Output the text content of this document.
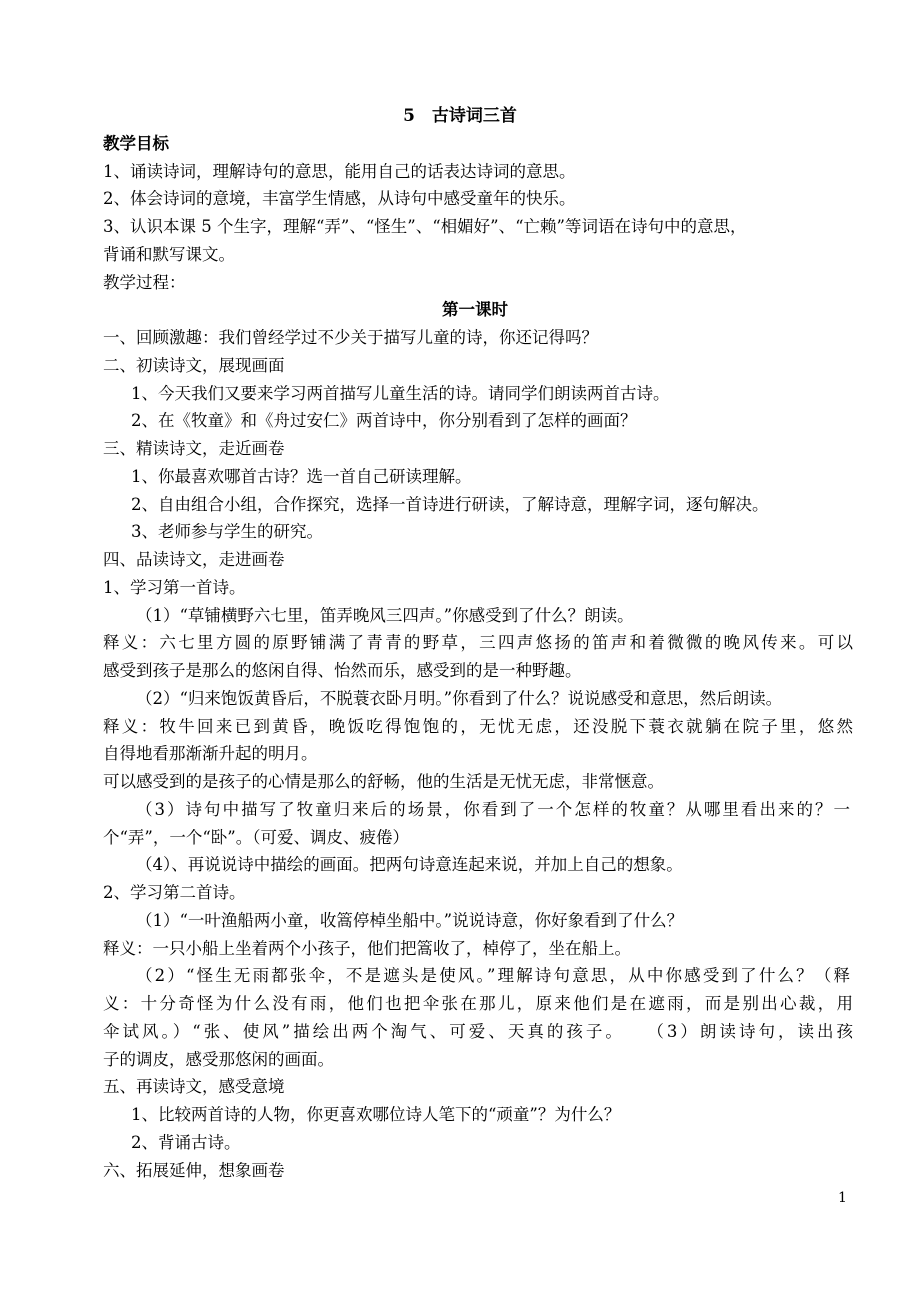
5　古诗词三首
教学目标
1、诵读诗词，理解诗句的意思，能用自己的话表达诗词的意思。
2、体会诗词的意境，丰富学生情感，从诗句中感受童年的快乐。
3、认识本课 5 个生字，理解“弄”、“怪生”、“相媚好”、“亡赖”等词语在诗句中的意思，
背诵和默写课文。
教学过程：
第一课时
一、回顾激趣：我们曾经学过不少关于描写儿童的诗，你还记得吗？
二、初读诗文，展现画面
1、今天我们又要来学习两首描写儿童生活的诗。请同学们朗读两首古诗。
2、在《牧童》和《舟过安仁》两首诗中，你分别看到了怎样的画面？
三、精读诗文，走近画卷
1、你最喜欢哪首古诗？选一首自己研读理解。
2、自由组合小组，合作探究，选择一首诗进行研读，了解诗意，理解字词，逐句解决。
3、老师参与学生的研究。
四、品读诗文，走进画卷
1、学习第一首诗。
（1）“草铺横野六七里，笛弄晚风三四声。”你感受到了什么？朗读。
释义：六七里方圆的原野铺满了青青的野草，三四声悠扬的笛声和着微微的晚风传来。可以
感受到孩子是那么的悠闲自得、怡然而乐，感受到的是一种野趣。
（2）“归来饱饭黄昏后，不脱蓑衣卧月明。”你看到了什么？说说感受和意思，然后朗读。
释义：牧牛回来已到黄昏，晚饭吃得饱饱的，无忧无虑，还没脱下蓑衣就躺在院子里，悠然
自得地看那渐渐升起的明月。
可以感受到的是孩子的心情是那么的舒畅，他的生活是无忧无虑，非常惬意。
（3）诗句中描写了牧童归来后的场景，你看到了一个怎样的牧童？从哪里看出来的？一
个“弄”，一个“卧”。（可爱、调皮、疲倦）
（4）、再说说诗中描绘的画面。把两句诗意连起来说，并加上自己的想象。
2、学习第二首诗。
（1）“一叶渔船两小童，收篙停棹坐船中。”说说诗意，你好象看到了什么？
释义：一只小船上坐着两个小孩子，他们把篙收了，棹停了，坐在船上。
（2）“怪生无雨都张伞，不是遮头是使风。”理解诗句意思，从中你感受到了什么？（释
义：十分奇怪为什么没有雨，他们也把伞张在那儿，原来他们是在遮雨，而是别出心裁，用
伞试风。）“张、使风”描绘出两个淘气、可爱、天真的孩子。　　（3）朗读诗句，读出孩
子的调皮，感受那悠闲的画面。
五、再读诗文，感受意境
1、比较两首诗的人物，你更喜欢哪位诗人笔下的“顽童”？为什么？
2、背诵古诗。
六、拓展延伸，想象画卷
1
